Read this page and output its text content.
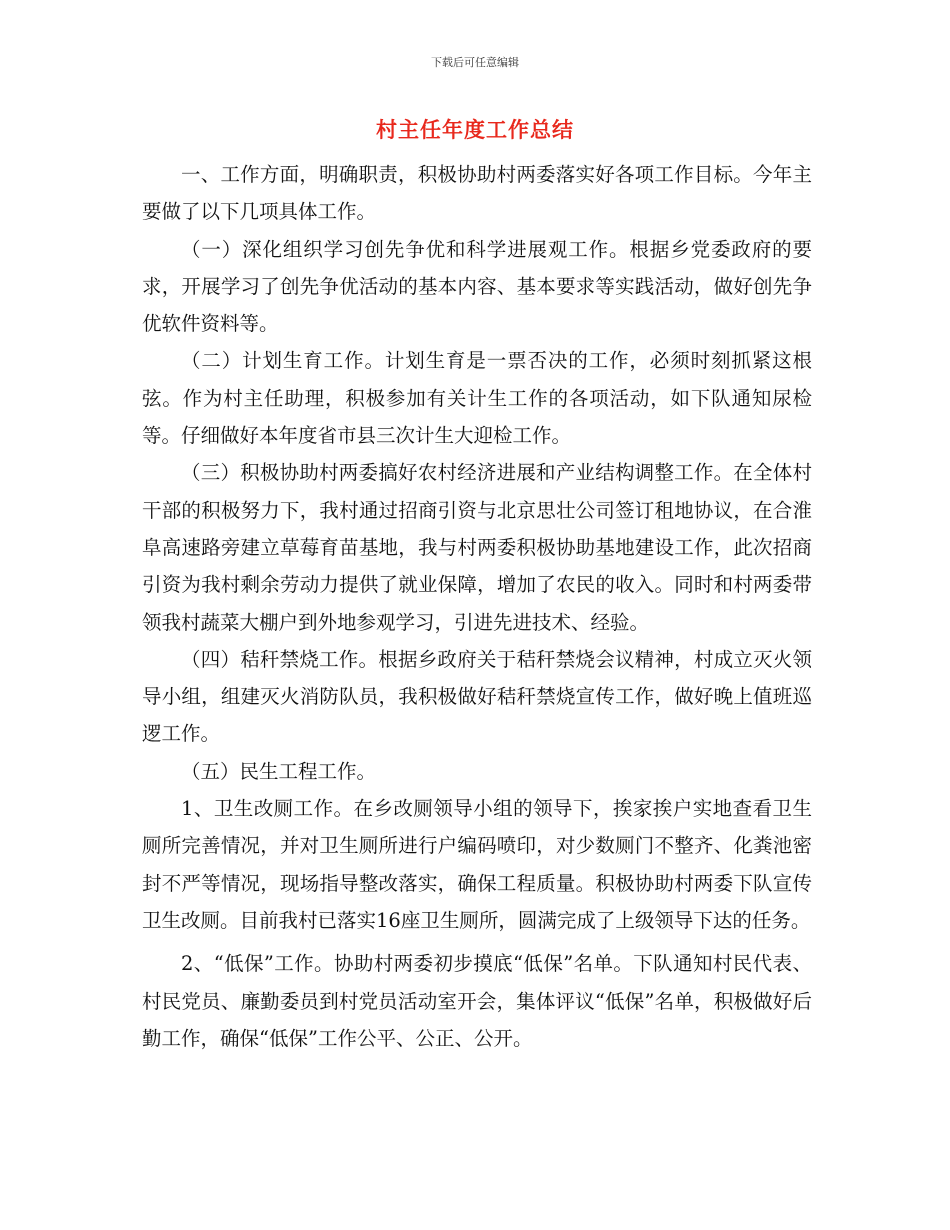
下载后可任意编辑
村主任年度工作总结

一、工作方面，明确职责，积极协助村两委落实好各项工作目标。今年主要做了以下几项具体工作。

（一）深化组织学习创先争优和科学进展观工作。根据乡党委政府的要求，开展学习了创先争优活动的基本内容、基本要求等实践活动，做好创先争优软件资料等。

（二）计划生育工作。计划生育是一票否决的工作，必须时刻抓紧这根弦。作为村主任助理，积极参加有关计生工作的各项活动，如下队通知尿检等。仔细做好本年度省市县三次计生大迎检工作。

（三）积极协助村两委搞好农村经济进展和产业结构调整工作。在全体村干部的积极努力下，我村通过招商引资与北京思壮公司签订租地协议，在合淮阜高速路旁建立草莓育苗基地，我与村两委积极协助基地建设工作，此次招商引资为我村剩余劳动力提供了就业保障，增加了农民的收入。同时和村两委带领我村蔬菜大棚户到外地参观学习，引进先进技术、经验。

（四）秸秆禁烧工作。根据乡政府关于秸秆禁烧会议精神，村成立灭火领导小组，组建灭火消防队员，我积极做好秸秆禁烧宣传工作，做好晚上值班巡逻工作。

（五）民生工程工作。

1、卫生改厕工作。在乡改厕领导小组的领导下，挨家挨户实地查看卫生厕所完善情况，并对卫生厕所进行户编码喷印，对少数厕门不整齐、化粪池密封不严等情况，现场指导整改落实，确保工程质量。积极协助村两委下队宣传卫生改厕。目前我村已落实16座卫生厕所，圆满完成了上级领导下达的任务。

2、“低保”工作。协助村两委初步摸底“低保”名单。下队通知村民代表、村民党员、廉勤委员到村党员活动室开会，集体评议“低保”名单，积极做好后勤工作，确保“低保”工作公平、公正、公开。
